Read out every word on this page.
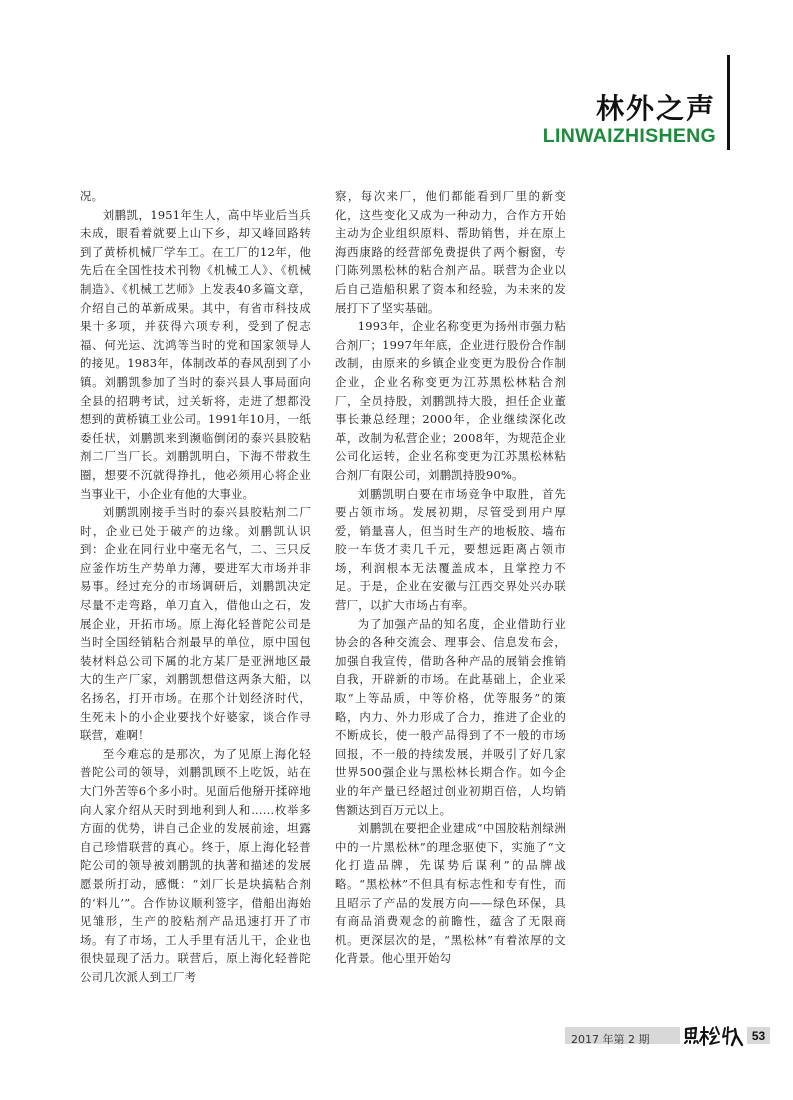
林外之声
LINWAIZHISHENG

况。

刘鹏凯，1951年生人，高中毕业后当兵未成，眼看着就要上山下乡，却又峰回路转到了黄桥机械厂学车工。在工厂的12年，他先后在全国性技术刊物《机械工人》、《机械制造》、《机械工艺师》上发表40多篇文章，介绍自己的革新成果。其中，有省市科技成果十多项，并获得六项专利，受到了倪志福、何光运、沈鸿等当时的党和国家领导人的接见。1983年，体制改革的春风刮到了小镇。刘鹏凯参加了当时的泰兴县人事局面向全县的招聘考试，过关斩将，走进了想都没想到的黄桥镇工业公司。1991年10月，一纸委任状，刘鹏凯来到濒临倒闭的泰兴县胶粘剂二厂当厂长。刘鹏凯明白，下海不带救生圈，想要不沉就得挣扎，他必须用心将企业当事业干，小企业有他的大事业。

刘鹏凯刚接手当时的泰兴县胶粘剂二厂时，企业已处于破产的边缘。刘鹏凯认识到：企业在同行业中毫无名气，二、三只反应釜作坊生产势单力薄，要进军大市场并非易事。经过充分的市场调研后，刘鹏凯决定尽量不走弯路，单刀直入，借他山之石，发展企业，开拓市场。原上海化轻普陀公司是当时全国经销粘合剂最早的单位，原中国包装材料总公司下属的北方某厂是亚洲地区最大的生产厂家，刘鹏凯想借这两条大船，以名扬名，打开市场。在那个计划经济时代，生死未卜的小企业要找个好婆家，谈合作寻联营，难啊！

至今难忘的是那次，为了见原上海化轻普陀公司的领导，刘鹏凯顾不上吃饭，站在大门外苦等6个多小时。见面后他掰开揉碎地向人家介绍从天时到地利到人和……枚举多方面的优势，讲自己企业的发展前途，坦露自己珍惜联营的真心。终于，原上海化轻普陀公司的领导被刘鹏凯的执著和描述的发展愿景所打动，感慨：“刘厂长是块搞粘合剂的‘料儿’”。合作协议顺利签字，借船出海始见雏形，生产的胶粘剂产品迅速打开了市场。有了市场，工人手里有活儿干，企业也很快显现了活力。联营后，原上海化轻普陀公司几次派人到工厂考

察，每次来厂，他们都能看到厂里的新变化，这些变化又成为一种动力，合作方开始主动为企业组织原料、帮助销售，并在原上海西康路的经营部免费提供了两个橱窗，专门陈列黑松林的粘合剂产品。联营为企业以后自己造船积累了资本和经验，为未来的发展打下了坚实基础。

1993年，企业名称变更为扬州市强力粘合剂厂；1997年年底，企业进行股份合作制改制，由原来的乡镇企业变更为股份合作制企业，企业名称变更为江苏黑松林粘合剂厂，全员持股，刘鹏凯持大股，担任企业董事长兼总经理；2000年，企业继续深化改革，改制为私营企业；2008年，为规范企业公司化运转，企业名称变更为江苏黑松林粘合剂厂有限公司，刘鹏凯持股90%。

刘鹏凯明白要在市场竞争中取胜，首先要占领市场。发展初期，尽管受到用户厚爱，销量喜人，但当时生产的地板胶、墙布胶一车货才卖几千元，要想远距离占领市场，利润根本无法覆盖成本，且掌控力不足。于是，企业在安徽与江西交界处兴办联营厂，以扩大市场占有率。

为了加强产品的知名度，企业借助行业协会的各种交流会、理事会、信息发布会，加强自我宣传，借助各种产品的展销会推销自我，开辟新的市场。在此基础上，企业采取“上等品质，中等价格，优等服务”的策略，内力、外力形成了合力，推进了企业的不断成长，使一般产品得到了不一般的市场回报，不一般的持续发展，并吸引了好几家世界500强企业与黑松林长期合作。如今企业的年产量已经超过创业初期百倍，人均销售额达到百万元以上。

刘鹏凯在要把企业建成“中国胶粘剂绿洲中的一片黑松林”的理念驱使下，实施了“文化打造品牌，先谋势后谋利”的品牌战略。“黑松林”不但具有标志性和专有性，而且昭示了产品的发展方向——绿色环保，具有商品消费观念的前瞻性，蕴含了无限商机。更深层次的是，“黑松林”有着浓厚的文化背景。他心里开始勾

2017 年第 2 期	53
